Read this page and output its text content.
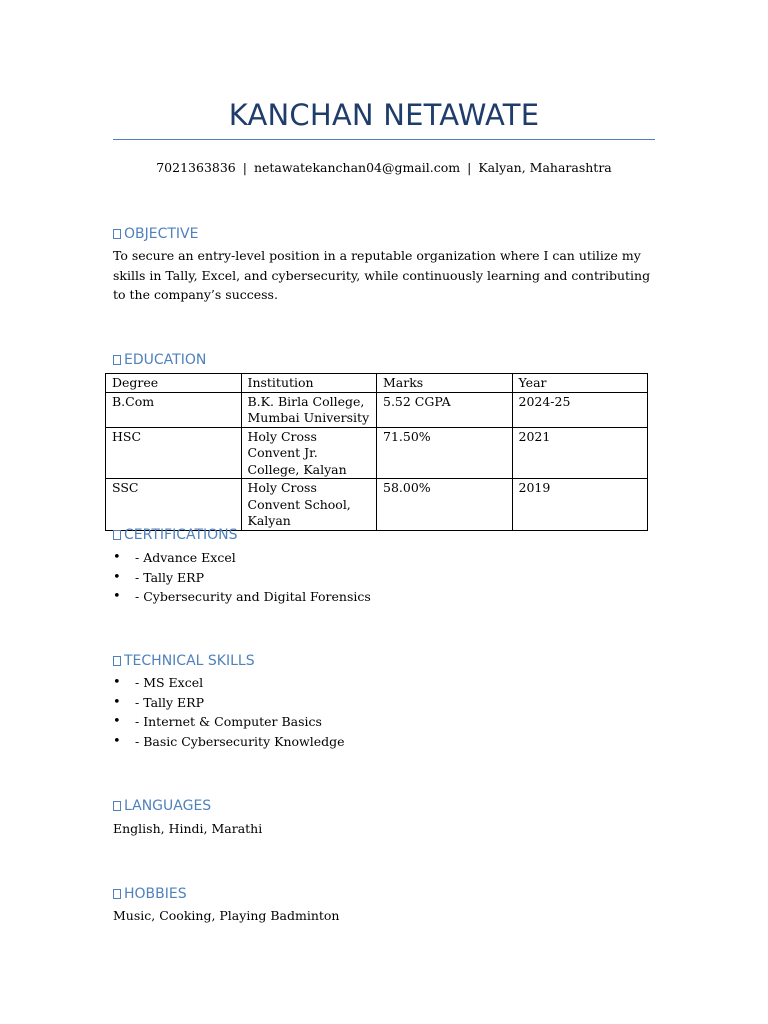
KANCHAN NETAWATE
7021363836 | netawatekanchan04@gmail.com | Kalyan, Maharashtra
OBJECTIVE

To secure an entry-level position in a reputable organization where I can utilize my skills in Tally, Excel, and cybersecurity, while continuously learning and contributing to the company’s success.

EDUCATION
Degree	Institution	Marks	Year
B.Com	B.K. Birla College, Mumbai University	5.52 CGPA	2024-25
HSC	Holy Cross Convent Jr. College, Kalyan	71.50%	2021
SSC	Holy Cross Convent School, Kalyan	58.00%	2019
CERTIFICATIONS
• - Advance Excel
• - Tally ERP
• - Cybersecurity and Digital Forensics
TECHNICAL SKILLS
• - MS Excel
• - Tally ERP
• - Internet & Computer Basics
• - Basic Cybersecurity Knowledge
LANGUAGES

English, Hindi, Marathi

HOBBIES

Music, Cooking, Playing Badminton
